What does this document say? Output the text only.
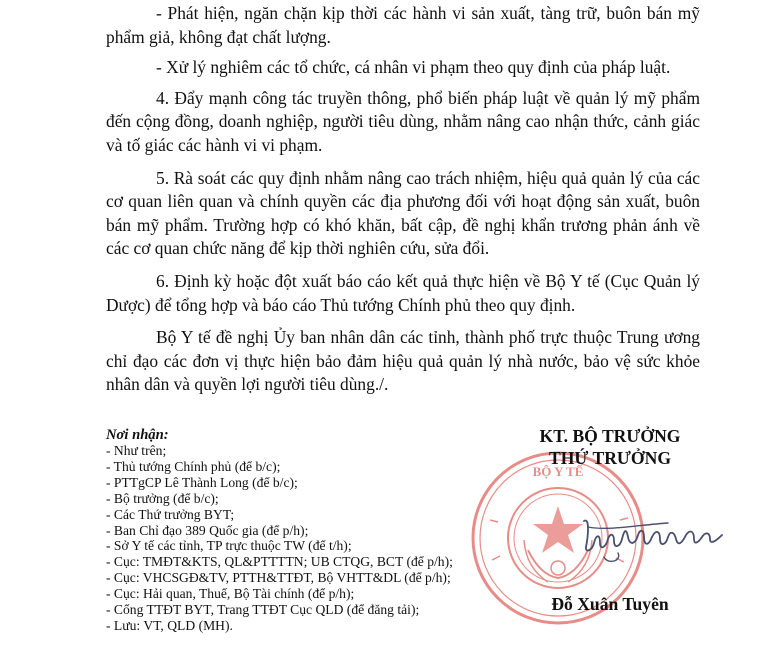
- Phát hiện, ngăn chặn kịp thời các hành vi sản xuất, tàng trữ, buôn bán mỹ phẩm giả, không đạt chất lượng.

- Xử lý nghiêm các tổ chức, cá nhân vi phạm theo quy định của pháp luật.

4. Đẩy mạnh công tác truyền thông, phổ biến pháp luật về quản lý mỹ phẩm đến cộng đồng, doanh nghiệp, người tiêu dùng, nhằm nâng cao nhận thức, cảnh giác và tố giác các hành vi vi phạm.

5. Rà soát các quy định nhằm nâng cao trách nhiệm, hiệu quả quản lý của các cơ quan liên quan và chính quyền các địa phương đối với hoạt động sản xuất, buôn bán mỹ phẩm. Trường hợp có khó khăn, bất cập, đề nghị khẩn trương phản ánh về các cơ quan chức năng để kịp thời nghiên cứu, sửa đổi.

6. Định kỳ hoặc đột xuất báo cáo kết quả thực hiện về Bộ Y tế (Cục Quản lý Dược) để tổng hợp và báo cáo Thủ tướng Chính phủ theo quy định.

Bộ Y tế đề nghị Ủy ban nhân dân các tỉnh, thành phố trực thuộc Trung ương chỉ đạo các đơn vị thực hiện bảo đảm hiệu quả quản lý nhà nước, bảo vệ sức khỏe nhân dân và quyền lợi người tiêu dùng./.

Nơi nhận:
- Như trên;
- Thủ tướng Chính phủ (để b/c);
- PTTgCP Lê Thành Long (để b/c);
- Bộ trưởng (để b/c);
- Các Thứ trưởng BYT;
- Ban Chỉ đạo 389 Quốc gia (để p/h);
- Sở Y tế các tỉnh, TP trực thuộc TW (để t/h);
- Cục: TMĐT&KTS, QL&PTTTTN; UB CTQG, BCT (để p/h);
- Cục: VHCSGĐ&TV, PTTH&TTĐT, Bộ VHTT&DL (để p/h);
- Cục: Hải quan, Thuế, Bộ Tài chính (để p/h);
- Cổng TTĐT BYT, Trang TTĐT Cục QLD (để đăng tải);
- Lưu: VT, QLD (MH).
BỘ Y TẾ
KT. BỘ TRƯỞNG
THỨ TRƯỞNG
Đỗ Xuân Tuyên
